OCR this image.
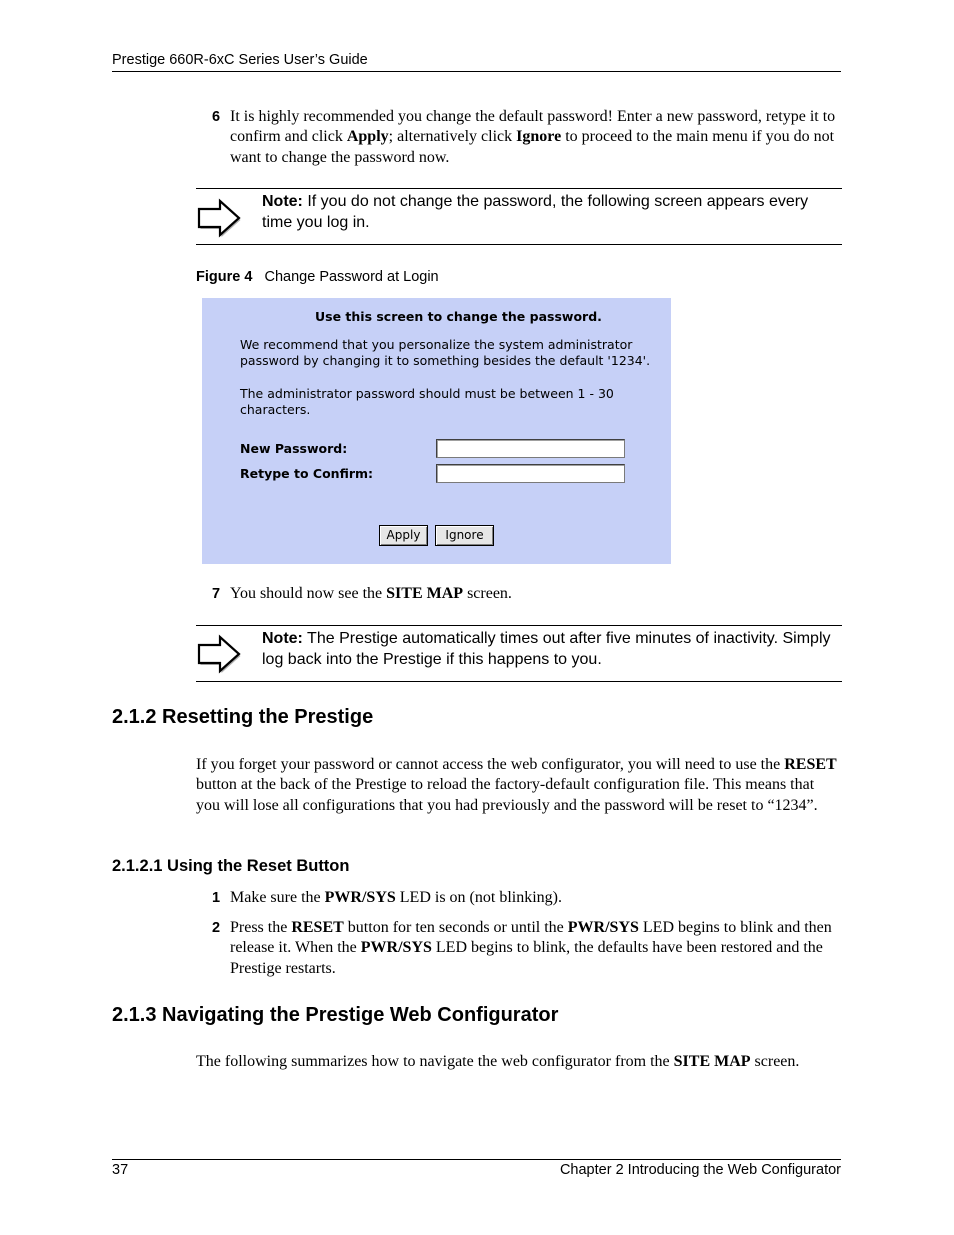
Prestige 660R-6xC Series User’s Guide
6 It is highly recommended you change the default password! Enter a new password, retype it to confirm and click Apply; alternatively click Ignore to proceed to the main menu if you do not want to change the password now.
Note: If you do not change the password, the following screen appears every time you log in.
Figure 4 Change Password at Login
Use this screen to change the password.
We recommend that you personalize the system administrator
password by changing it to something besides the default '1234'.
The administrator password should must be between 1 - 30
characters.
New Password:
Retype to Confirm:
Apply	Ignore
7 You should now see the SITE MAP screen.
Note: The Prestige automatically times out after five minutes of inactivity. Simply log back into the Prestige if this happens to you.
2.1.2 Resetting the Prestige
If you forget your password or cannot access the web configurator, you will need to use the RESET button at the back of the Prestige to reload the factory-default configuration file. This means that you will lose all configurations that you had previously and the password will be reset to “1234”.
2.1.2.1 Using the Reset Button
1 Make sure the PWR/SYS LED is on (not blinking).
2 Press the RESET button for ten seconds or until the PWR/SYS LED begins to blink and then release it. When the PWR/SYS LED begins to blink, the defaults have been restored and the Prestige restarts.
2.1.3 Navigating the Prestige Web Configurator
The following summarizes how to navigate the web configurator from the SITE MAP screen.
37	Chapter 2 Introducing the Web Configurator
